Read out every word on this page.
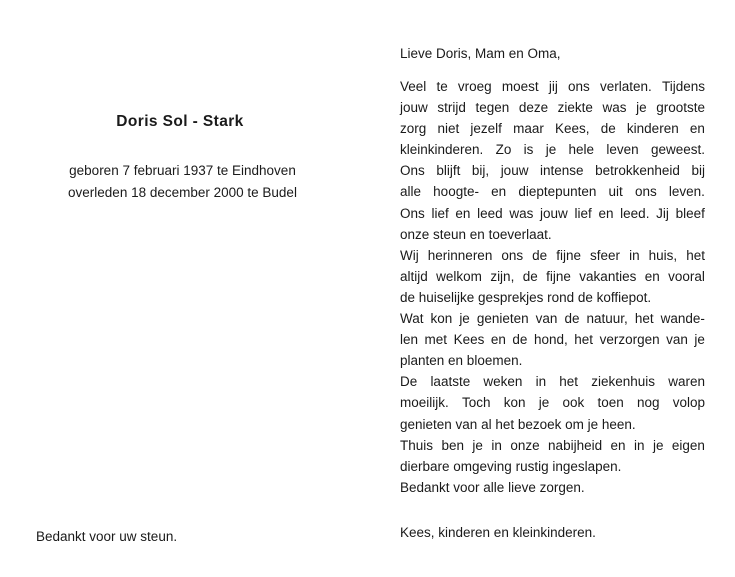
Doris Sol - Stark
geboren 7 februari 1937 te Eindhoven
overleden 18 december 2000 te Budel
Bedankt voor uw steun.
Lieve Doris, Mam en Oma,
Veel te vroeg moest jij ons verlaten. Tijdens
jouw strijd tegen deze ziekte was je grootste
zorg niet jezelf maar Kees, de kinderen en
kleinkinderen. Zo is je hele leven geweest.
Ons blijft bij, jouw intense betrokkenheid bij
alle hoogte- en dieptepunten uit ons leven.
Ons lief en leed was jouw lief en leed. Jij bleef
onze steun en toeverlaat.
Wij herinneren ons de fijne sfeer in huis, het
altijd welkom zijn, de fijne vakanties en vooral
de huiselijke gesprekjes rond de koffiepot.
Wat kon je genieten van de natuur, het wande-
len met Kees en de hond, het verzorgen van je
planten en bloemen.
De laatste weken in het ziekenhuis waren
moeilijk. Toch kon je ook toen nog volop
genieten van al het bezoek om je heen.
Thuis ben je in onze nabijheid en in je eigen
dierbare omgeving rustig ingeslapen.
Bedankt voor alle lieve zorgen.
Kees, kinderen en kleinkinderen.
